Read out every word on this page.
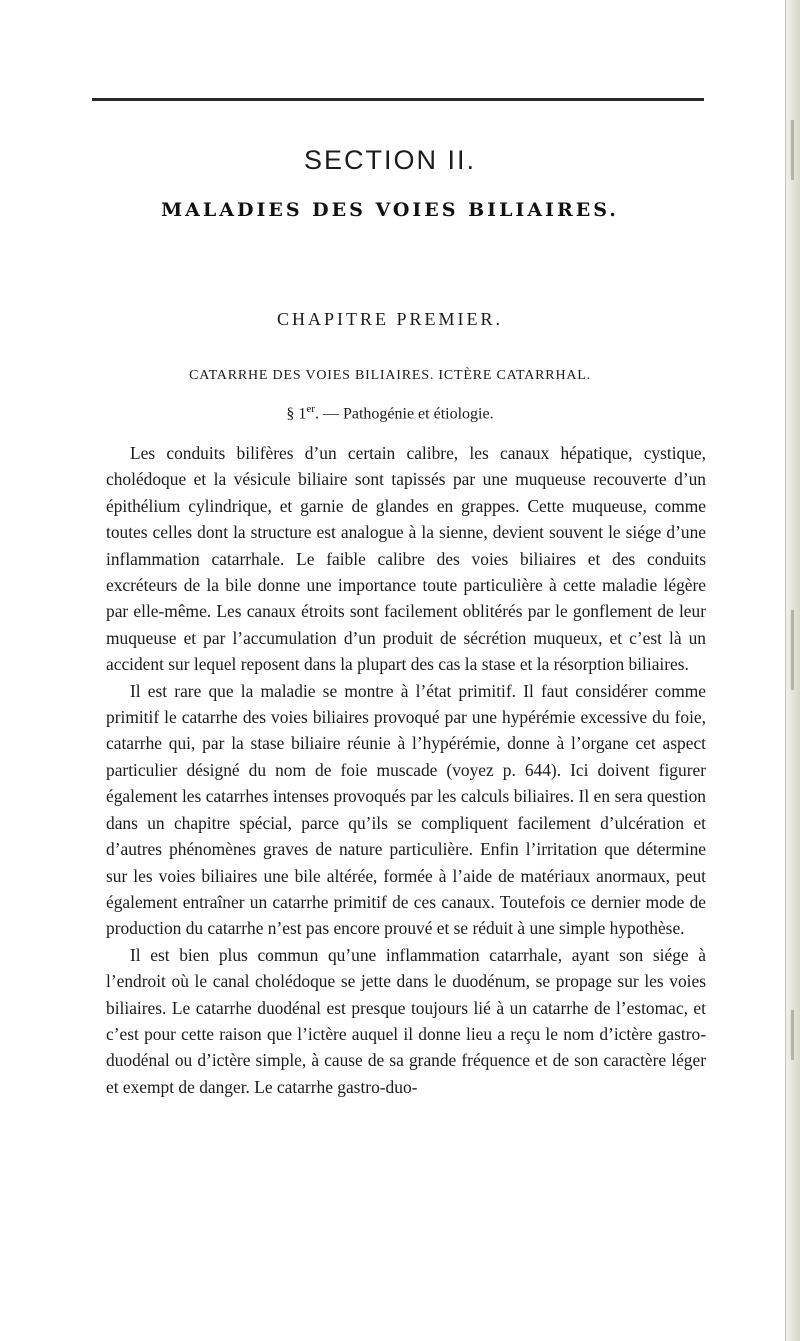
SECTION II.
MALADIES DES VOIES BILIAIRES.
CHAPITRE PREMIER.
CATARRHE DES VOIES BILIAIRES. ICTÈRE CATARRHAL.
§ 1er. — Pathogénie et étiologie.

Les conduits bilifères d’un certain calibre, les canaux hépatique, cystique, cholédoque et la vésicule biliaire sont tapissés par une muqueuse recouverte d’un épithélium cylindrique, et garnie de glandes en grappes. Cette muqueuse, comme toutes celles dont la structure est analogue à la sienne, devient souvent le siége d’une inflammation catarrhale. Le faible calibre des voies biliaires et des conduits excréteurs de la bile donne une importance toute particulière à cette maladie légère par elle-même. Les canaux étroits sont facilement oblitérés par le gonflement de leur muqueuse et par l’accumulation d’un produit de sécrétion muqueux, et c’est là un accident sur lequel reposent dans la plupart des cas la stase et la résorption biliaires.

Il est rare que la maladie se montre à l’état primitif. Il faut considérer comme primitif le catarrhe des voies biliaires provoqué par une hypérémie excessive du foie, catarrhe qui, par la stase biliaire réunie à l’hypérémie, donne à l’organe cet aspect particulier désigné du nom de foie muscade (voyez p. 644). Ici doivent figurer également les catarrhes intenses provoqués par les calculs biliaires. Il en sera question dans un chapitre spécial, parce qu’ils se compliquent facilement d’ulcération et d’autres phénomènes graves de nature particulière. Enfin l’irritation que détermine sur les voies biliaires une bile altérée, formée à l’aide de matériaux anormaux, peut également entraîner un catarrhe primitif de ces canaux. Toutefois ce dernier mode de production du catarrhe n’est pas encore prouvé et se réduit à une simple hypothèse.

Il est bien plus commun qu’une inflammation catarrhale, ayant son siége à l’endroit où le canal cholédoque se jette dans le duodénum, se propage sur les voies biliaires. Le catarrhe duodénal est presque toujours lié à un catarrhe de l’estomac, et c’est pour cette raison que l’ictère auquel il donne lieu a reçu le nom d’ictère gastro-duodénal ou d’ictère simple, à cause de sa grande fréquence et de son caractère léger et exempt de danger. Le catarrhe gastro-duo-
